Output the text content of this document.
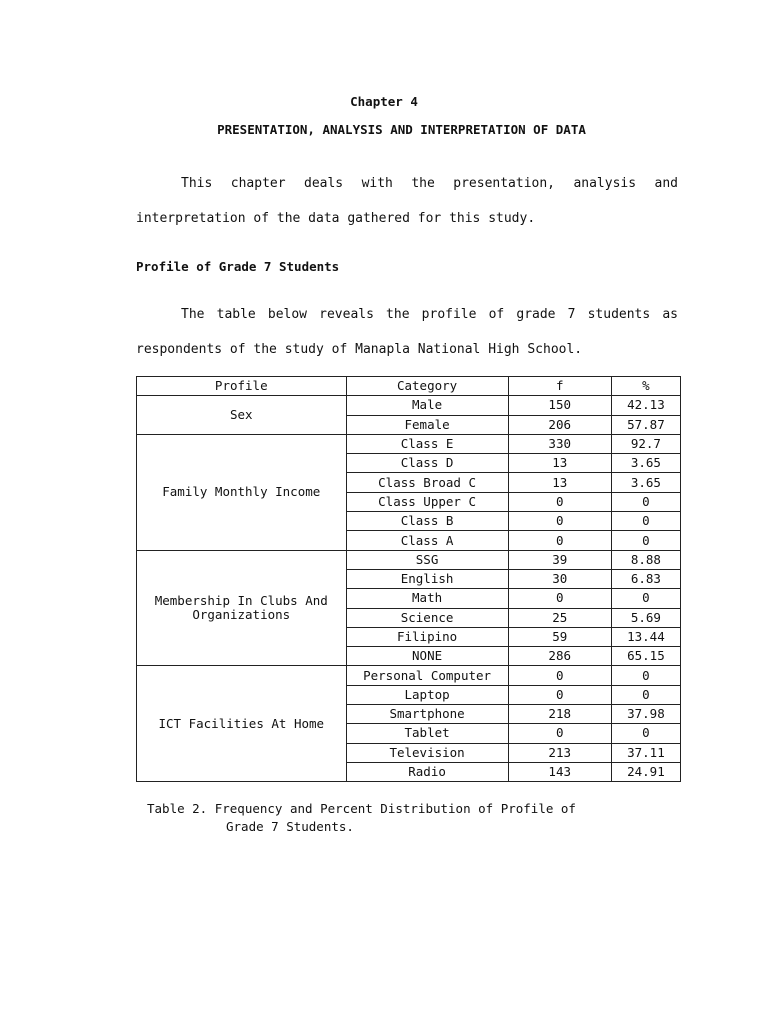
Chapter 4
PRESENTATION, ANALYSIS AND INTERPRETATION OF DATA
This chapter deals with the presentation, analysis and interpretation of the data gathered for this study.
Profile of Grade 7 Students
The table below reveals the profile of grade 7 students as respondents of the study of Manapla National High School.
Profile	Category	f	%
Sex	Male	150	42.13
	Female	206	57.87
Family Monthly Income	Class E	330	92.7
	Class D	13	3.65
	Class Broad C	13	3.65
	Class Upper C	0	0
	Class B	0	0
	Class A	0	0
Membership In Clubs And Organizations	SSG	39	8.88
	English	30	6.83
	Math	0	0
	Science	25	5.69
	Filipino	59	13.44
	NONE	286	65.15
ICT Facilities At Home	Personal Computer	0	0
	Laptop	0	0
	Smartphone	218	37.98
	Tablet	0	0
	Television	213	37.11
	Radio	143	24.91
Table 2. Frequency and Percent Distribution of Profile of
Grade 7 Students.
